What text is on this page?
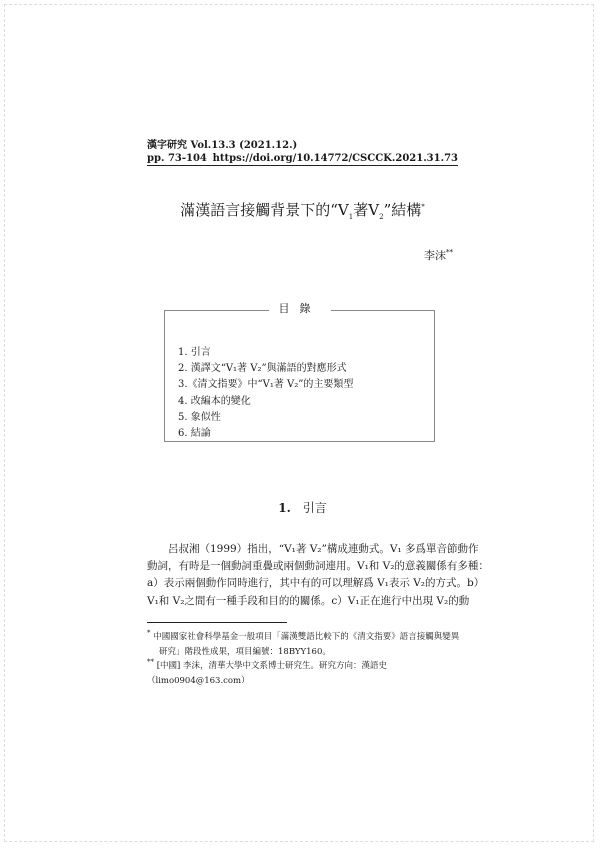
漢字研究 Vol.13.3 (2021.12.)
pp. 73-104 https://doi.org/10.14772/CSCCK.2021.31.73
滿漢語言接觸背景下的“$V_1$著$V_2$”結構*
李沫**
目錄
1. 引言
2. 漢譯文“V₁著 V₂”與滿語的對應形式
3.《清文指要》中“V₁著 V₂”的主要類型
4. 改編本的變化
5. 象似性
6. 結論
1. 引言
呂叔湘（1999）指出，“V₁著 V₂”構成連動式。V₁ 多爲單音節動作
動詞，有時是一個動詞重疊或兩個動詞連用。V₁和 V₂的意義關係有多種：
a）表示兩個動作同時進行，其中有的可以理解爲 V₁表示 V₂的方式。b）
V₁和 V₂之間有一種手段和目的的關係。c）V₁正在進行中出現 V₂的動
* 中國國家社會科學基金一般項目「滿漢雙語比較下的《清文指要》語言接觸與變異
研究」階段性成果，項目編號：18BYY160。
** [中國] 李沫，清華大學中文系博士研究生。研究方向：漢語史（limo0904@163.com）
